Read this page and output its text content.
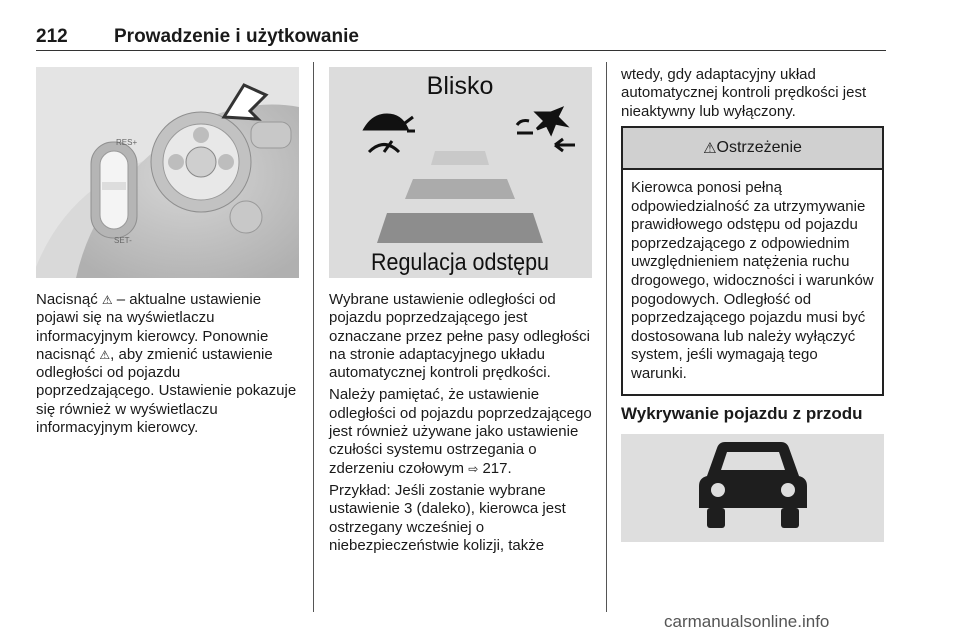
212 Prowadzenie i użytkowanie
RES+
SET-

Nacisnąć ⚠ – aktualne ustawienie pojawi się na wyświetlaczu informacyjnym kierowcy. Ponownie nacisnąć ⚠, aby zmienić ustawienie odległości od pojazdu poprzedzającego. Ustawienie pokazuje się również w wyświetlaczu informacyjnym kierowcy.

Blisko
Regulacja odstępu

Wybrane ustawienie odległości od pojazdu poprzedzającego jest oznaczane przez pełne pasy odległości na stronie adaptacyjnego układu automatycznej kontroli prędkości.

Należy pamiętać, że ustawienie odległości od pojazdu poprzedzającego jest również używane jako ustawienie czułości systemu ostrzegania o zderzeniu czołowym ⇨ 217.

Przykład: Jeśli zostanie wybrane ustawienie 3 (daleko), kierowca jest ostrzegany wcześniej o niebezpieczeństwie kolizji, także

wtedy, gdy adaptacyjny układ automatycznej kontroli prędkości jest nieaktywny lub wyłączony.

⚠ Ostrzeżenie
Kierowca ponosi pełną odpowiedzialność za utrzymywanie prawidłowego odstępu od pojazdu poprzedzającego z odpowiednim uwzględnieniem natężenia ruchu drogowego, widoczności i warunków pogodowych. Odległość od poprzedzającego pojazdu musi być dostosowana lub należy wyłączyć system, jeśli wymagają tego warunki.
Wykrywanie pojazdu z przodu
carmanualsonline.info
